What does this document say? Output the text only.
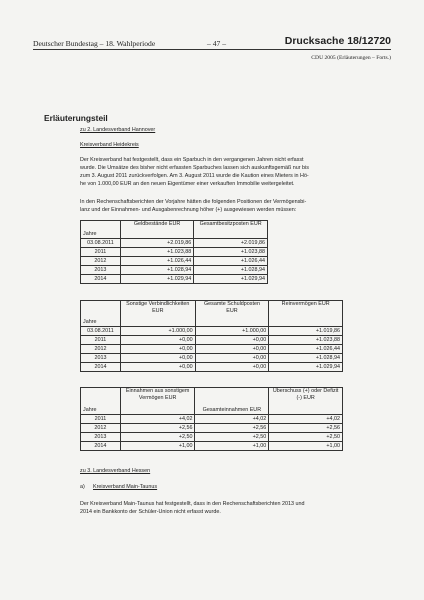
Deutscher Bundestag – 18. Wahlperiode	– 47 –	Drucksache 18/12720
CDU 2005 (Erläuterungen – Forts.)
Erläuterungsteil
zu 2. Landesverband Hannover
Kreisverband Heidekreis

Der Kreisverband hat festgestellt, dass ein Sparbuch in den vergangenen Jahren nicht erfasst
wurde. Die Umsätze des bisher nicht erfassten Sparbuches lassen sich auskunftsgemäß nur bis
zum 3. August 2011 zurückverfolgen. Am 3. August 2011 wurde die Kaution eines Mieters in Hö-
he von 1.000,00 EUR an den neuen Eigentümer einer verkauften Immobilie weitergeleitet.

In den Rechenschaftsberichten der Vorjahre hätten die folgenden Positionen der Vermögensbi-
lanz und der Einnahmen- und Ausgabenrechnung höher (+) ausgewiesen werden müssen:

Jahre	Geldbestände EUR	Gesamtbesitzposten EUR
03.08.2011	+2.019,86	+2.019,86
2011	+1.023,88	+1.023,88
2012	+1.026,44	+1.026,44
2013	+1.028,94	+1.028,94
2014	+1.029,94	+1.029,94
Jahre	Sonstige Verbindlichkeiten EUR	Gesamte Schuldposten EUR	Reinvermögen EUR
03.08.2011	+1.000,00	+1.000,00	+1.019,86
2011	+0,00	+0,00	+1.023,88
2012	+0,00	+0,00	+1.026,44
2013	+0,00	+0,00	+1.028,94
2014	+0,00	+0,00	+1.029,94
Jahre	Einnahmen aus sonstigem Vermögen EUR	Gesamteinnahmen EUR	Überschuss (+) oder Defizit (-) EUR
2011	+4,02	+4,02	+4,02
2012	+2,56	+2,56	+2,56
2013	+2,50	+2,50	+2,50
2014	+1,00	+1,00	+1,00
zu 3. Landesverband Hessen
a) Kreisverband Main-Taunus

Der Kreisverband Main-Taunus hat festgestellt, dass in den Rechenschaftsberichten 2013 und
2014 ein Bankkonto der Schüler-Union nicht erfasst wurde.
